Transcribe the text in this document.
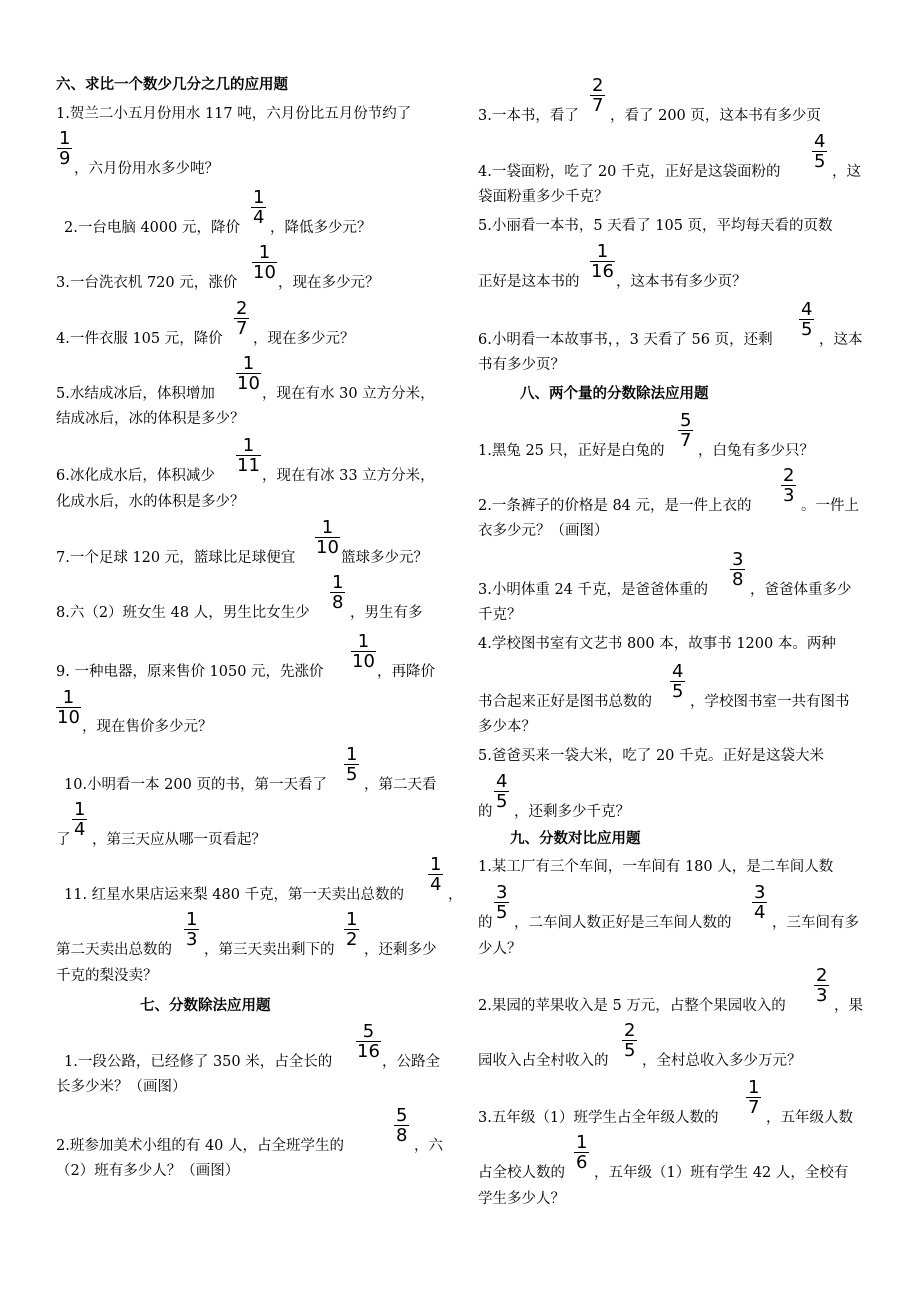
六、求比一个数少几分之几的应用题
1.贺兰二小五月份用水 117 吨，六月份比五月份节约了
1
9 ，六月份用水多少吨？
2.一台电脑 4000 元，降价
1
4 ，降低多少元？
3.一台洗衣机 720 元，涨价
1
10 ，现在多少元？
4.一件衣服 105 元，降价
2
7 ，现在多少元？
5.水结成冰后，体积增加
1
10 ，现在有水 30 立方分米，
结成冰后，冰的体积是多少？
6.冰化成水后，体积减少
1
11 ，现在有冰 33 立方分米，
化成水后，水的体积是多少？
7.一个足球 120 元，篮球比足球便宜
1
10 篮球多少元？
8.六（2）班女生 48 人，男生比女生少
1
8 ，男生有多
9. 一种电器，原来售价 1050 元，先涨价
1
10 ，再降价
1
10 ，现在售价多少元？
10.小明看一本 200 页的书，第一天看了
1
5 ，第二天看
了
1
4 ，第三天应从哪一页看起？
11. 红星水果店运来梨 480 千克，第一天卖出总数的
1
4 ，
第二天卖出总数的
1
3 ，第三天卖出剩下的
1
2 ，还剩多少
千克的梨没卖？
七、分数除法应用题
1.一段公路，已经修了 350 米，占全长的
5
16 ，公路全
长多少米？（画图）
2.班参加美术小组的有 40 人，占全班学生的
5
8 ，六
（2）班有多少人？（画图）
3.一本书，看了
2
7 ，看了 200 页，这本书有多少页
4.一袋面粉，吃了 20 千克，正好是这袋面粉的
4
5 ，这
袋面粉重多少千克？
5.小丽看一本书，5 天看了 105 页，平均每天看的页数
正好是这本书的
1
16 ，这本书有多少页？
6.小明看一本故事书，，3 天看了 56 页，还剩
4
5 ，这本
书有多少页？
八、两个量的分数除法应用题
1.黑兔 25 只，正好是白兔的
5
7 ，白兔有多少只？
2.一条裤子的价格是 84 元，是一件上衣的
2
3 。一件上
衣多少元？（画图）
3.小明体重 24 千克，是爸爸体重的
3
8 ，爸爸体重多少
千克？
4.学校图书室有文艺书 800 本，故事书 1200 本。两种
书合起来正好是图书总数的
4
5 ，学校图书室一共有图书
多少本？
5.爸爸买来一袋大米，吃了 20 千克。正好是这袋大米
的
4
5 ，还剩多少千克？
九、分数对比应用题
1.某工厂有三个车间，一车间有 180 人，是二车间人数
的
3
5 ，二车间人数正好是三车间人数的
3
4 ，三车间有多
少人？
2.果园的苹果收入是 5 万元，占整个果园收入的
2
3 ，果
园收入占全村收入的
2
5 ，全村总收入多少万元？
3.五年级（1）班学生占全年级人数的
1
7 ，五年级人数
占全校人数的
1
6 ，五年级（1）班有学生 42 人，全校有
学生多少人？
